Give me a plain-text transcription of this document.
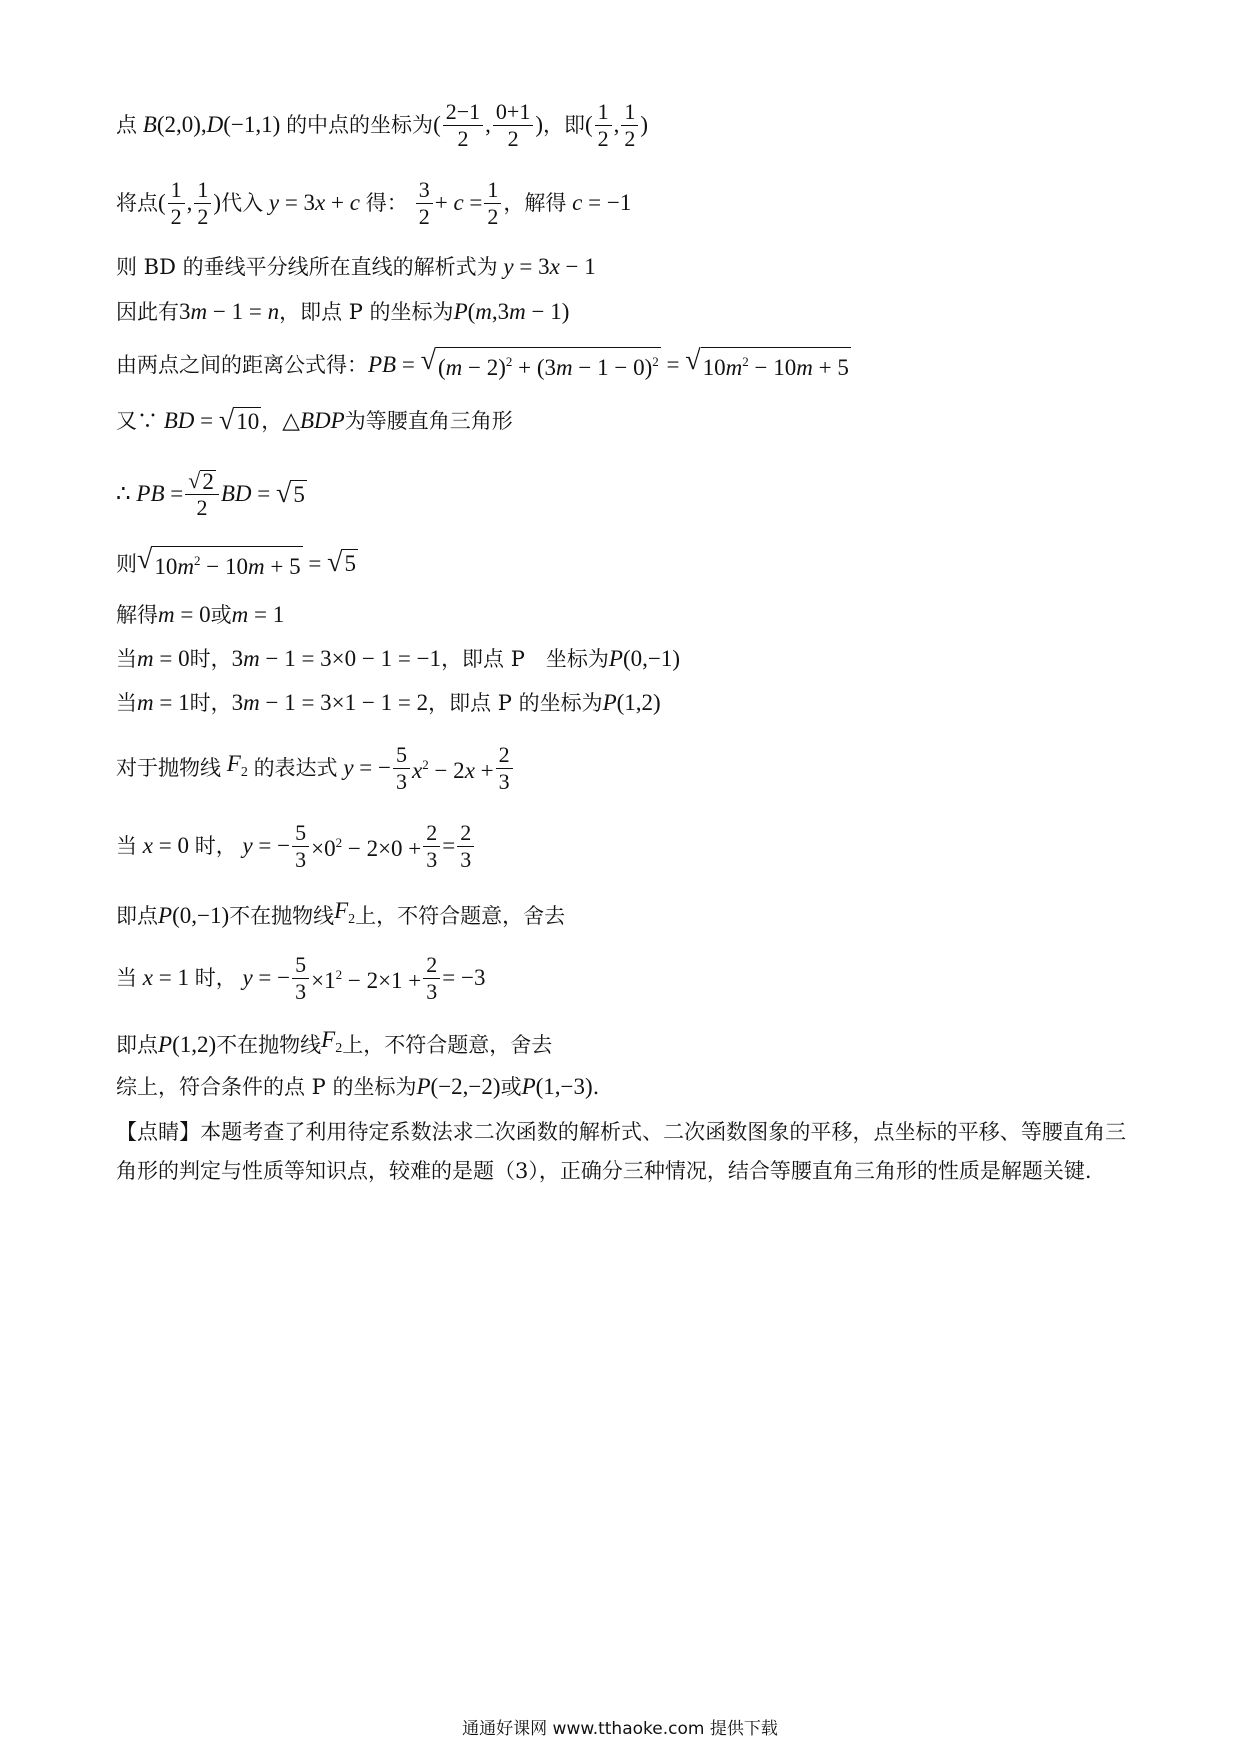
点 B(2,0),D(−1,1) 的中点的坐标为 ( $\frac{2-1}{2}$ , $\frac{0+1}{2}$ ) ，即 ( $\frac{1}{2}$ , $\frac{1}{2}$ )
将点 ( $\frac{1}{2}$ , $\frac{1}{2}$ ) 代入 y = 3x + c 得： $\frac{3}{2} + c = \frac{1}{2}$ ，解得 c = −1
则 BD 的垂线平分线所在直线的解析式为 y = 3x − 1
因此有 3m − 1 = n ，即点 P 的坐标为 P(m,3m − 1)
由两点之间的距离公式得： PB = √ $(m - 2)^2 + (3m - 1 - 0)^2$ = √ $10m^2 - 10m + 5$
又∵ BD = √ 10 ， △BDP 为等腰直角三角形
∴ PB = $\frac{√ 2}{2}$ BD = √ 5
则 √ $10m^2 - 10m + 5$ = √ 5
解得 m = 0 或 m = 1
当 m = 0 时， 3m − 1 = 3×0 − 1 = −1 ，即点 P　坐标为 P(0,−1)
当 m = 1 时， 3m − 1 = 3×1 − 1 = 2 ，即点 P 的坐标为 P(1,2)
对于抛物线 $F_2$ 的表达式 y = − $\frac{5}{3} x^2 - 2x + \frac{2}{3}$
当 x = 0 时， y = − $\frac{5}{3} \times 0^2 - 2\times 0 + \frac{2}{3} = \frac{2}{3}$
即点 P(0,−1) 不在抛物线 $F_2$ 上，不符合题意，舍去
当 x = 1 时， y = − $\frac{5}{3} \times 1^2 - 2\times 1 + \frac{2}{3} = -3$
即点 P(1,2) 不在抛物线 $F_2$ 上，不符合题意，舍去
综上，符合条件的点 P 的坐标为 P(−2,−2) 或 P(1,−3) .
【点睛】本题考查了利用待定系数法求二次函数的解析式、二次函数图象的平移，点坐标的平移、等腰直角三角形的判定与性质等知识点，较难的是题（3），正确分三种情况，结合等腰直角三角形的性质是解题关键.
通通好课网 www.tthaoke.com 提供下载
